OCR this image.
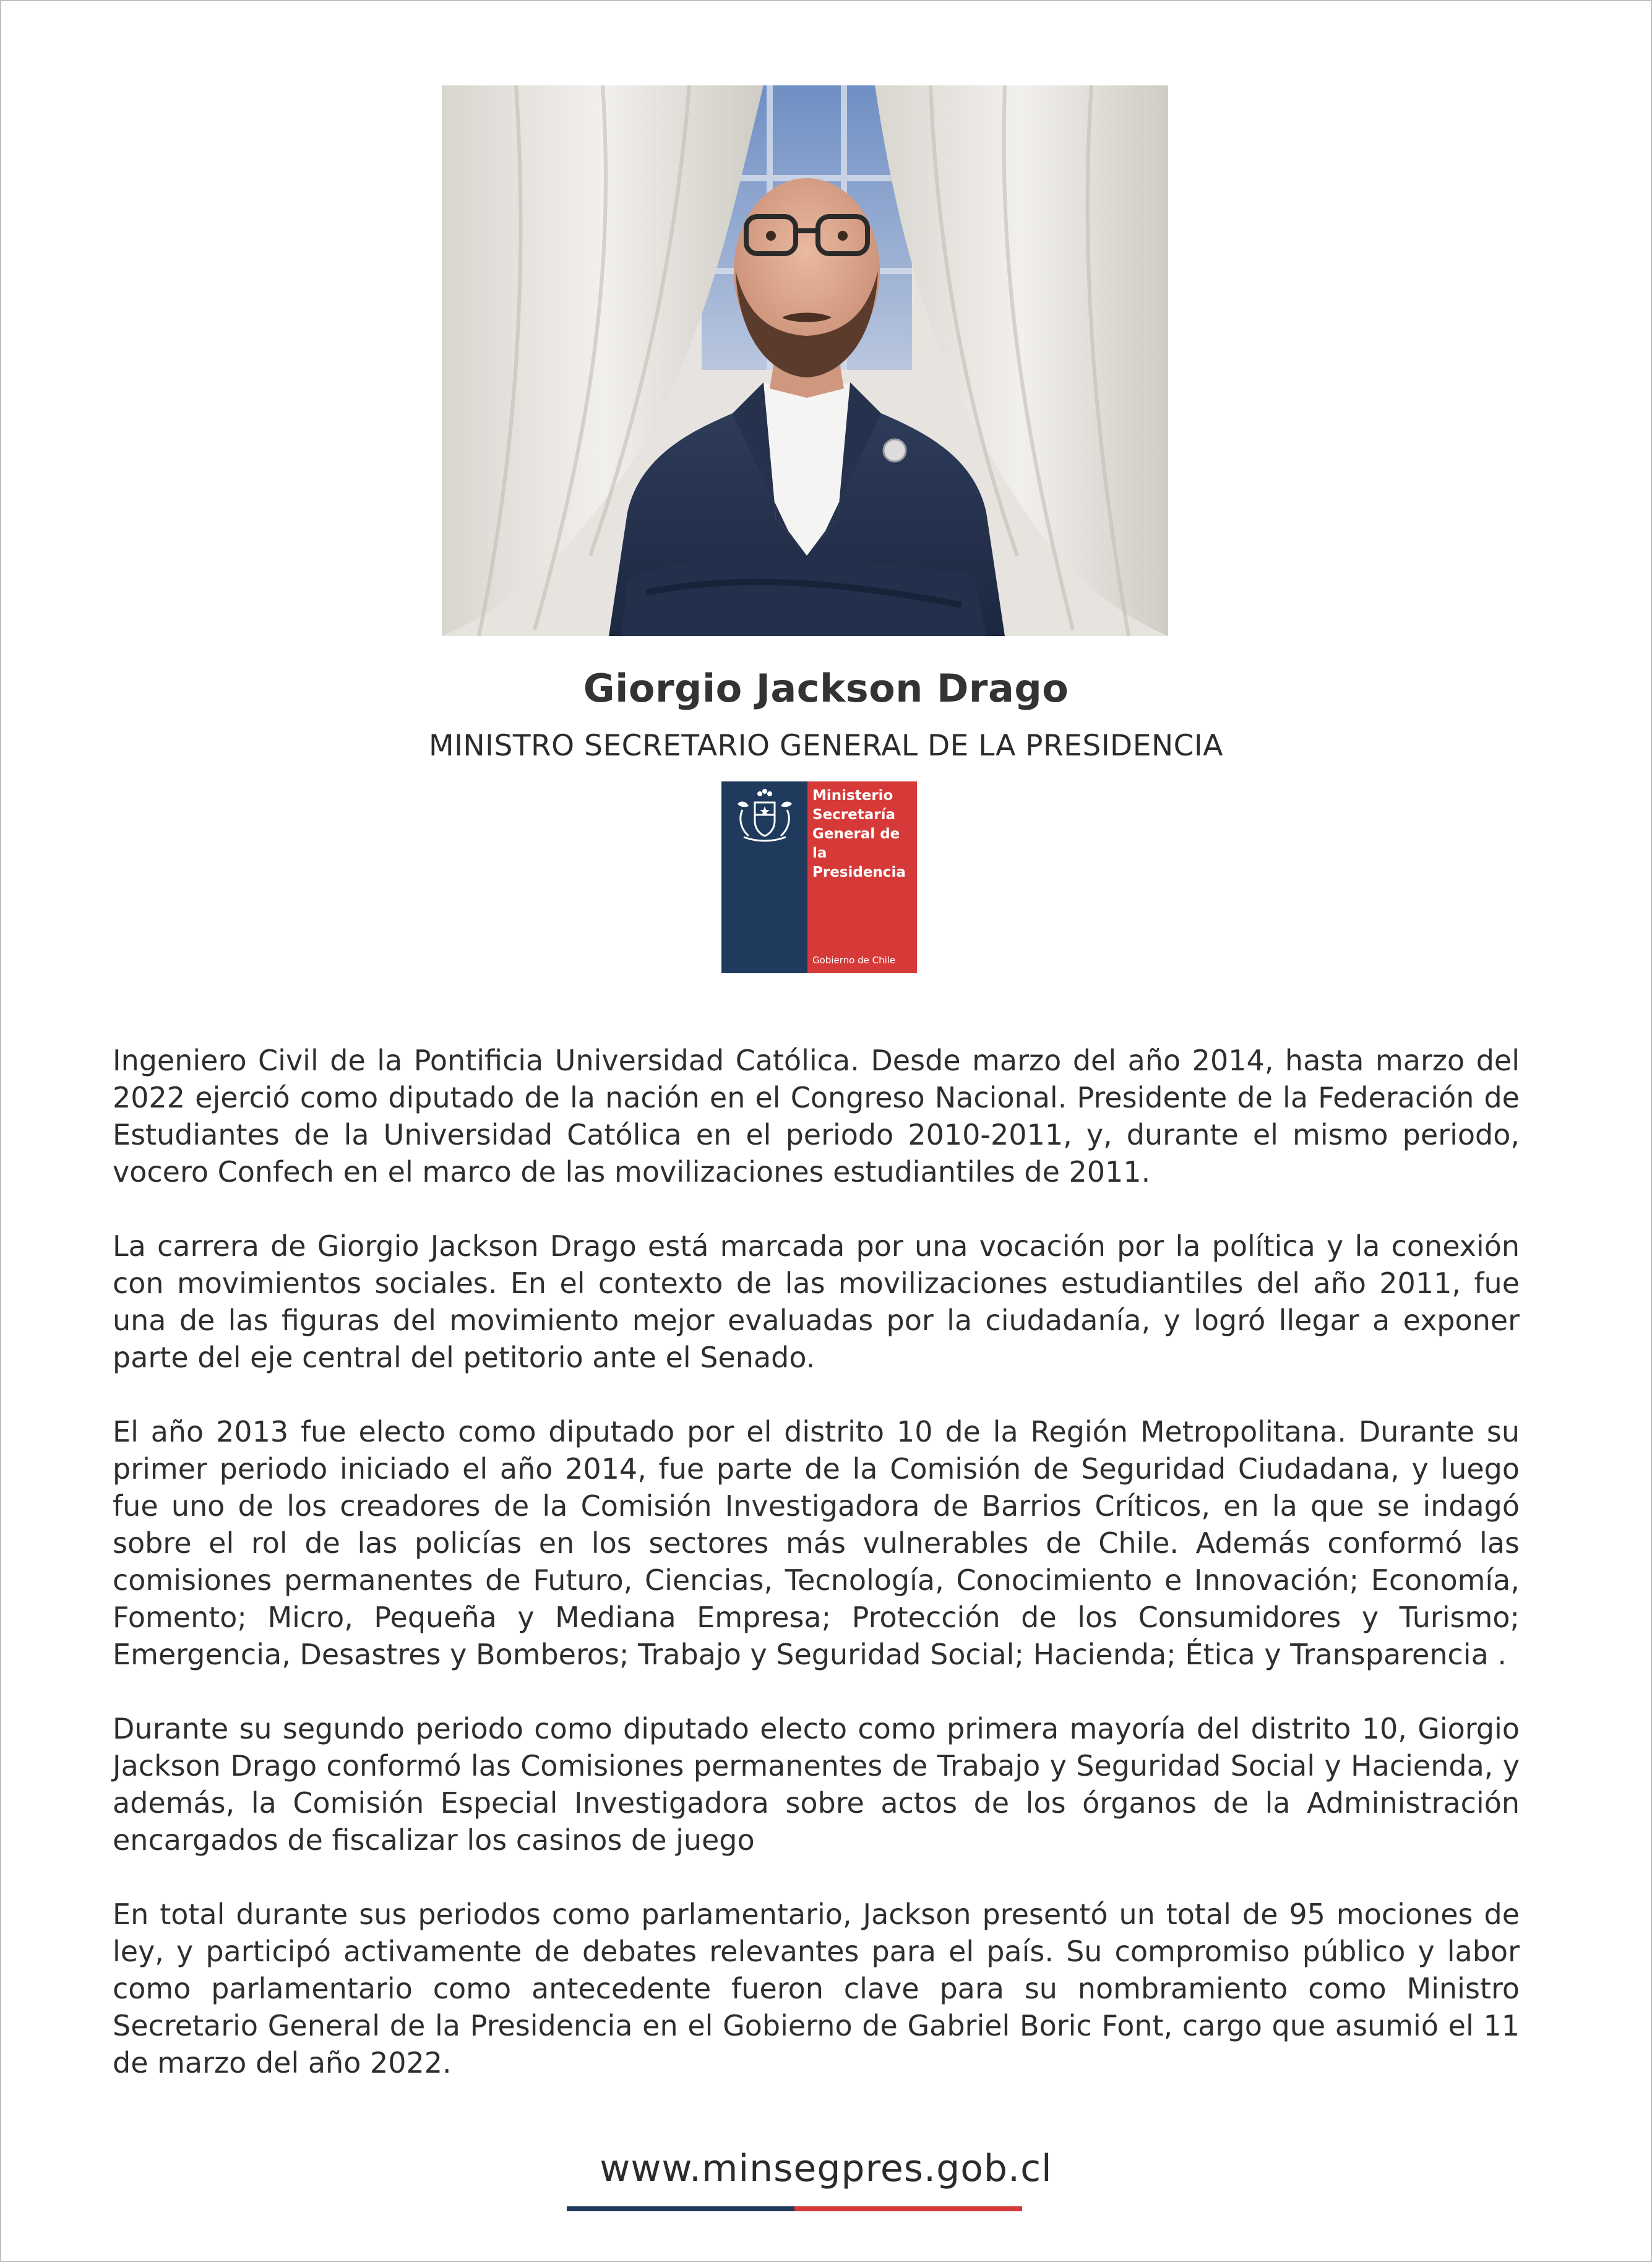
Giorgio Jackson Drago
MINISTRO SECRETARIO GENERAL DE LA PRESIDENCIA
Ministerio
Secretaría
General de la
Presidencia
Gobierno de Chile

Ingeniero Civil de la Pontificia Universidad Católica. Desde marzo del año 2014, hasta marzo del 2022 ejerció como diputado de la nación en el Congreso Nacional. Presidente de la Federación de Estudiantes de la Universidad Católica en el periodo 2010-2011, y, durante el mismo periodo, vocero Confech en el marco de las movilizaciones estudiantiles de 2011.

La carrera de Giorgio Jackson Drago está marcada por una vocación por la política y la conexión con movimientos sociales. En el contexto de las movilizaciones estudiantiles del año 2011, fue una de las figuras del movimiento mejor evaluadas por la ciudadanía, y logró llegar a exponer parte del eje central del petitorio ante el Senado.

El año 2013 fue electo como diputado por el distrito 10 de la Región Metropolitana. Durante su primer periodo iniciado el año 2014, fue parte de la Comisión de Seguridad Ciudadana, y luego fue uno de los creadores de la Comisión Investigadora de Barrios Críticos, en la que se indagó sobre el rol de las policías en los sectores más vulnerables de Chile. Además conformó las comisiones permanentes de Futuro, Ciencias, Tecnología, Conocimiento e Innovación; Economía, Fomento; Micro, Pequeña y Mediana Empresa; Protección de los Consumidores y Turismo; Emergencia, Desastres y Bomberos; Trabajo y Seguridad Social; Hacienda; Ética y Transparencia .

Durante su segundo periodo como diputado electo como primera mayoría del distrito 10, Giorgio Jackson Drago conformó las Comisiones permanentes de Trabajo y Seguridad Social y Hacienda, y además, la Comisión Especial Investigadora sobre actos de los órganos de la Administración encargados de fiscalizar los casinos de juego

En total durante sus periodos como parlamentario, Jackson presentó un total de 95 mociones de ley, y participó activamente de debates relevantes para el país. Su compromiso público y labor como parlamentario como antecedente fueron clave para su nombramiento como Ministro Secretario General de la Presidencia en el Gobierno de Gabriel Boric Font, cargo que asumió el 11 de marzo del año 2022.

www.minsegpres.gob.cl
